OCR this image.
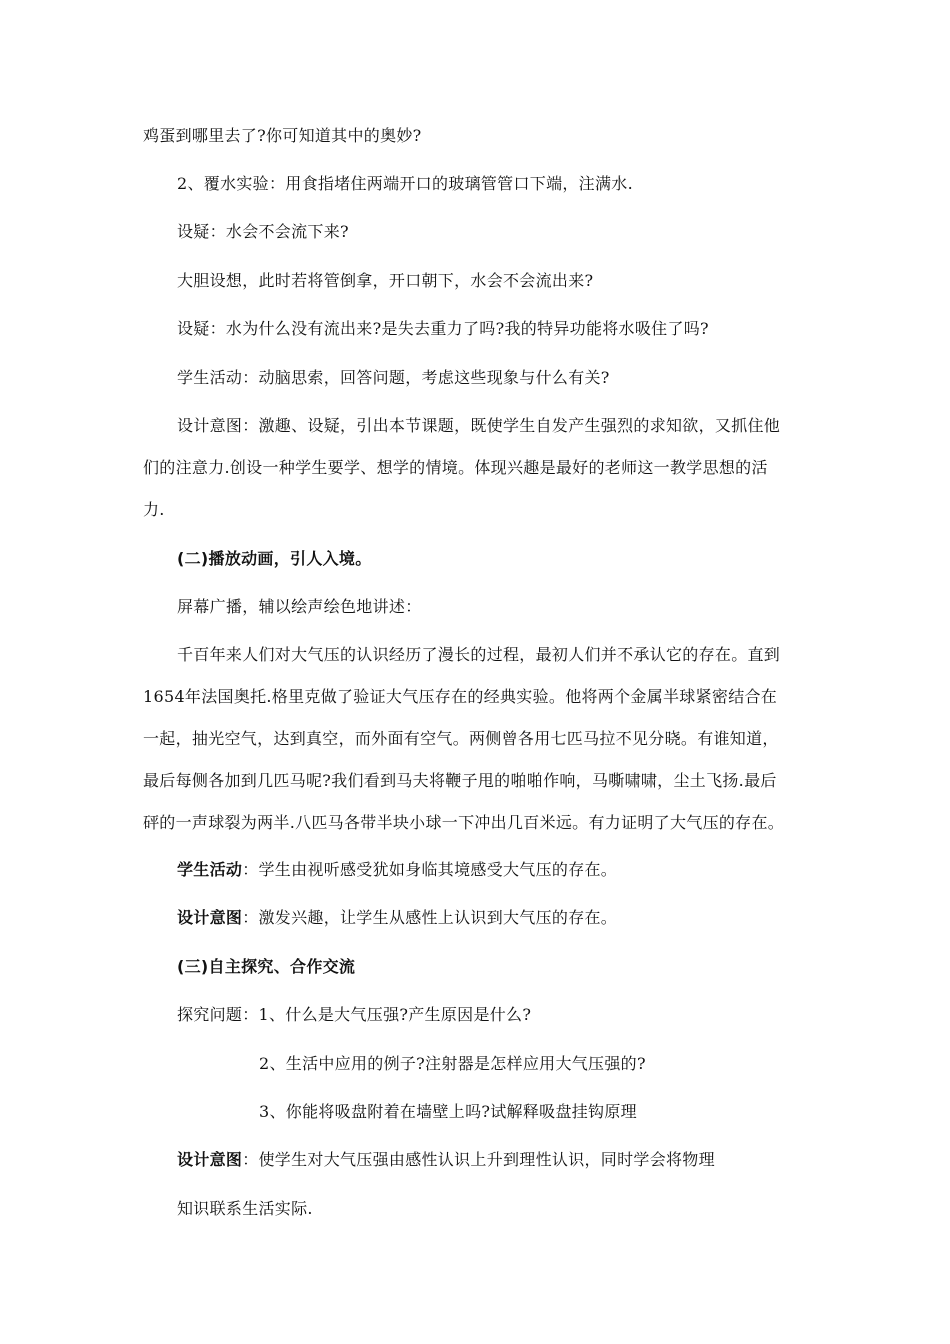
鸡蛋到哪里去了?你可知道其中的奥妙?
2、覆水实验：用食指堵住两端开口的玻璃管管口下端，注满水.
设疑：水会不会流下来?
大胆设想，此时若将管倒拿，开口朝下，水会不会流出来?
设疑：水为什么没有流出来?是失去重力了吗?我的特异功能将水吸住了吗?
学生活动：动脑思索，回答问题，考虑这些现象与什么有关?
设计意图：激趣、设疑，引出本节课题，既使学生自发产生强烈的求知欲，又抓住他
们的注意力.创设一种学生要学、想学的情境。体现兴趣是最好的老师这一教学思想的活
力.
(二)播放动画，引人入境。
屏幕广播，辅以绘声绘色地讲述：
千百年来人们对大气压的认识经历了漫长的过程，最初人们并不承认它的存在。直到
1654年法国奥托.格里克做了验证大气压存在的经典实验。他将两个金属半球紧密结合在
一起，抽光空气，达到真空，而外面有空气。两侧曾各用七匹马拉不见分晓。有谁知道，
最后每侧各加到几匹马呢?我们看到马夫将鞭子甩的啪啪作响，马嘶啸啸，尘土飞扬.最后
砰的一声球裂为两半.八匹马各带半块小球一下冲出几百米远。有力证明了大气压的存在。
学生活动：学生由视听感受犹如身临其境感受大气压的存在。
设计意图：激发兴趣，让学生从感性上认识到大气压的存在。
(三)自主探究、合作交流
探究问题：1、什么是大气压强?产生原因是什么?
2、生活中应用的例子?注射器是怎样应用大气压强的?
3、你能将吸盘附着在墙壁上吗?试解释吸盘挂钩原理
设计意图：使学生对大气压强由感性认识上升到理性认识，同时学会将物理
知识联系生活实际.
